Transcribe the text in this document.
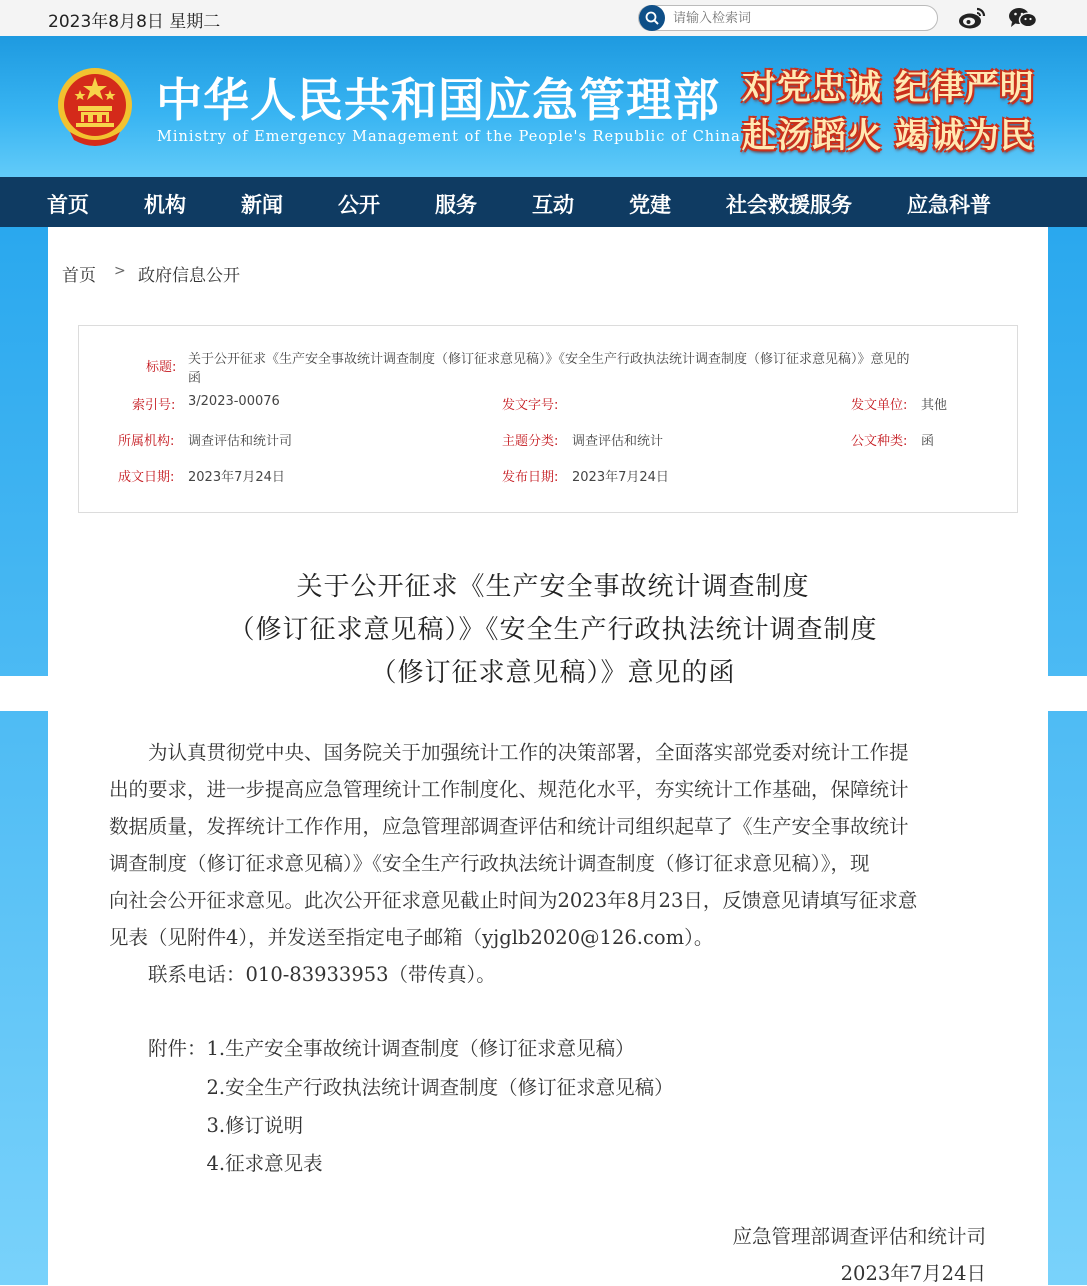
2023年8月8日 星期二
请输入检索词
中华人民共和国应急管理部
Ministry of Emergency Management of the People's Republic of China
对党忠诚 纪律严明
赴汤蹈火 竭诚为民
首页	机构	新闻	公开	服务	互动	党建	社会救援服务	应急科普
首页 > 政府信息公开
标题:
关于公开征求《生产安全事故统计调查制度（修订征求意见稿）》《安全生产行政执法统计调查制度（修订征求意见稿）》意见的
函
索引号: 3/2023-00076	发文字号:	发文单位: 其他
所属机构: 调查评估和统计司	主题分类: 调查评估和统计	公文种类: 函
成文日期: 2023年7月24日	发布日期: 2023年7月24日
关于公开征求《生产安全事故统计调查制度
（修订征求意见稿）》《安全生产行政执法统计调查制度
（修订征求意见稿）》意见的函
　　为认真贯彻党中央、国务院关于加强统计工作的决策部署，全面落实部党委对统计工作提
出的要求，进一步提高应急管理统计工作制度化、规范化水平，夯实统计工作基础，保障统计
数据质量，发挥统计工作作用，应急管理部调查评估和统计司组织起草了《生产安全事故统计
调查制度（修订征求意见稿）》《安全生产行政执法统计调查制度（修订征求意见稿）》，现
向社会公开征求意见。此次公开征求意见截止时间为2023年8月23日，反馈意见请填写征求意
见表（见附件4），并发送至指定电子邮箱（yjglb2020@126.com）。
　　联系电话：010-83933953（带传真）。
　　附件：1.生产安全事故统计调查制度（修订征求意见稿）
　　　　　2.安全生产行政执法统计调查制度（修订征求意见稿）
　　　　　3.修订说明
　　　　　4.征求意见表
应急管理部调查评估和统计司
2023年7月24日
